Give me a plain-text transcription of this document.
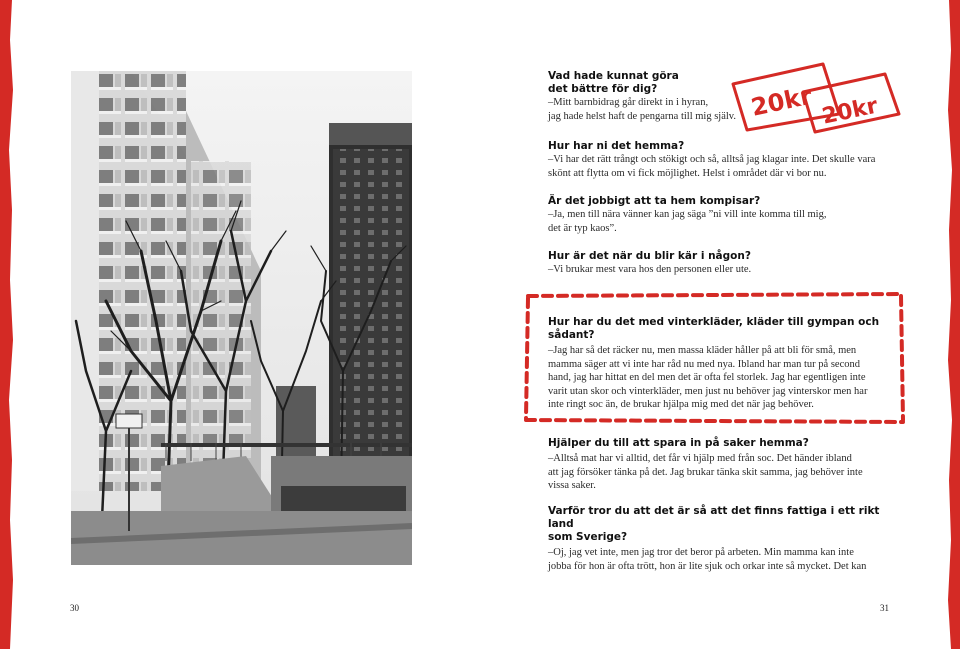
20kr 20kr

Vad hade kunnat göra det bättre för dig?

–Mitt barnbidrag går direkt in i hyran,

jag hade helst haft de pengarna till mig själv.

Hur har ni det hemma?

–Vi har det rätt trångt och stökigt och så, alltså jag klagar inte. Det skulle vara

skönt att flytta om vi fick möjlighet. Helst i området där vi bor nu.

Är det jobbigt att ta hem kompisar?

–Ja, men till nära vänner kan jag säga ”ni vill inte komma till mig,

det är typ kaos”.

Hur är det när du blir kär i någon?

–Vi brukar mest vara hos den personen eller ute.

Hur har du det med vinterkläder, kläder till gympan och sådant?

–Jag har så det räcker nu, men massa kläder håller på att bli för små, men

mamma säger att vi inte har råd nu med nya. Ibland har man tur på second

hand, jag har hittat en del men det är ofta fel storlek. Jag har egentligen inte

varit utan skor och vinterkläder, men just nu behöver jag vinterskor men har

inte ringt soc än, de brukar hjälpa mig med det när jag behöver.

Hjälper du till att spara in på saker hemma?

–Alltså mat har vi alltid, det får vi hjälp med från soc. Det händer ibland

att jag försöker tänka på det. Jag brukar tänka skit samma, jag behöver inte

vissa saker.

Varför tror du att det är så att det finns fattiga i ett rikt land

som Sverige?

–Oj, jag vet inte, men jag tror det beror på arbeten. Min mamma kan inte

jobba för hon är ofta trött, hon är lite sjuk och orkar inte så mycket. Det kan

30	31
